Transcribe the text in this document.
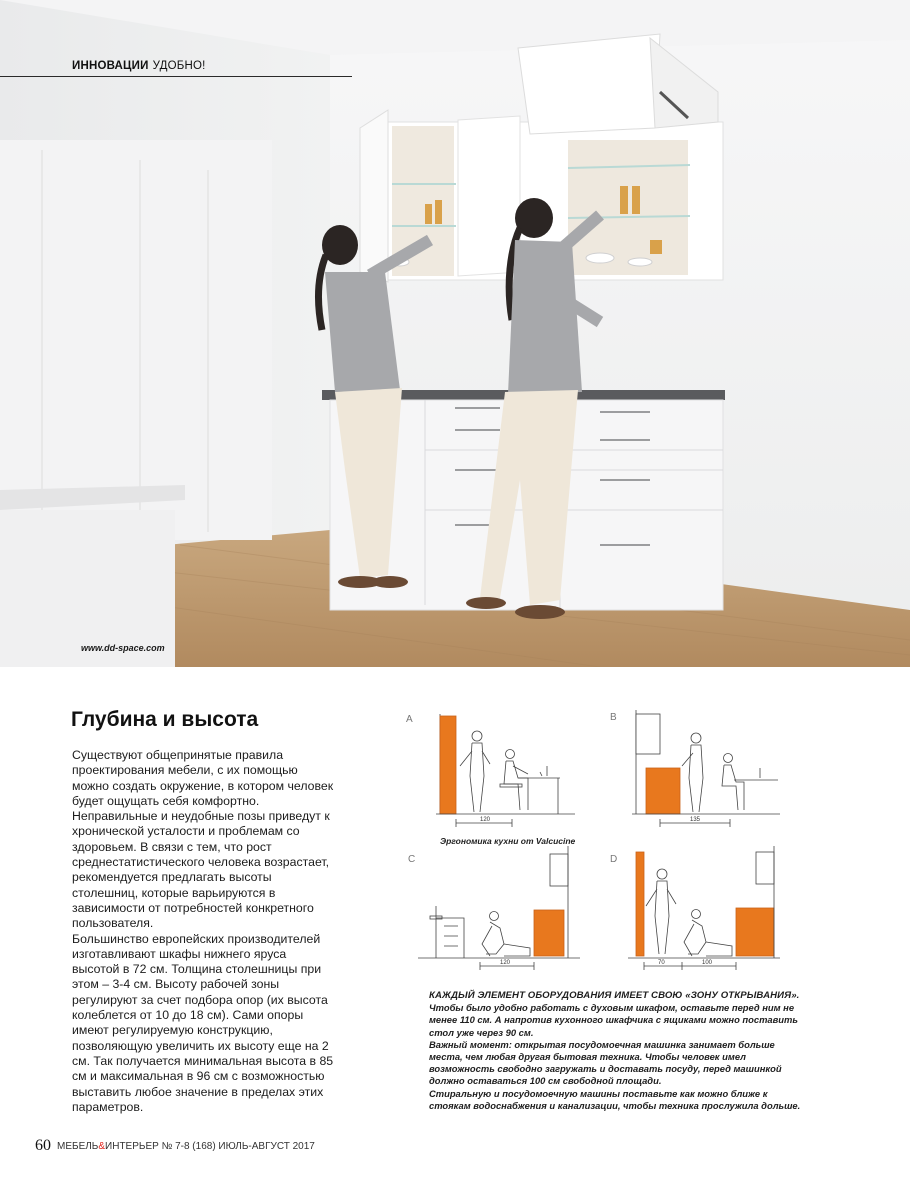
ИННОВАЦИИ УДОБНО!
www.dd-space.com
Глубина и высота

Существуют общепринятые правила проектирования мебели, с их помощью можно создать окружение, в котором человек будет ощущать себя комфортно. Неправильные и неудобные позы приведут к хронической усталости и проблемам со здоровьем. В связи с тем, что рост среднестатистического человека возрастает, рекомендуется предлагать высоты столешниц, которые варьируются в зависимости от потребностей конкретного пользователя.

Большинство европейских производителей изготавливают шкафы нижнего яруса высотой в 72 см. Толщина столешницы при этом – 3-4 см. Высоту рабочей зоны регулируют за счет подбора опор (их высота колеблется от 10 до 18 см). Сами опоры имеют регулируемую конструкцию, позволяющую увеличить их высоту еще на 2 см. Так получается минимальная высота в 85 см и максимальная в 96 см с возможностью выставить любое значение в пределах этих параметров.

A	B
C	D
120	135
120	70	100
Эргономика кухни от Valcucine
КАЖДЫЙ ЭЛЕМЕНТ ОБОРУДОВАНИЯ ИМЕЕТ СВОЮ «ЗОНУ ОТКРЫВАНИЯ».
Чтобы было удобно работать с духовым шкафом, оставьте перед ним не менее 110 см. А напротив кухонного шкафчика с ящиками можно поставить стол уже через 90 см.
Важный момент: открытая посудомоечная машинка занимает больше места, чем любая другая бытовая техника. Чтобы человек имел возможность свободно загружать и доставать посуду, перед машинкой должно оставаться 100 см свободной площади.
Стиральную и посудомоечную машины поставьте как можно ближе к стоякам водоснабжения и канализации, чтобы техника прослужила дольше.
60 МЕБЕЛЬ&ИНТЕРЬЕР № 7-8 (168) ИЮЛЬ-АВГУСТ 2017
